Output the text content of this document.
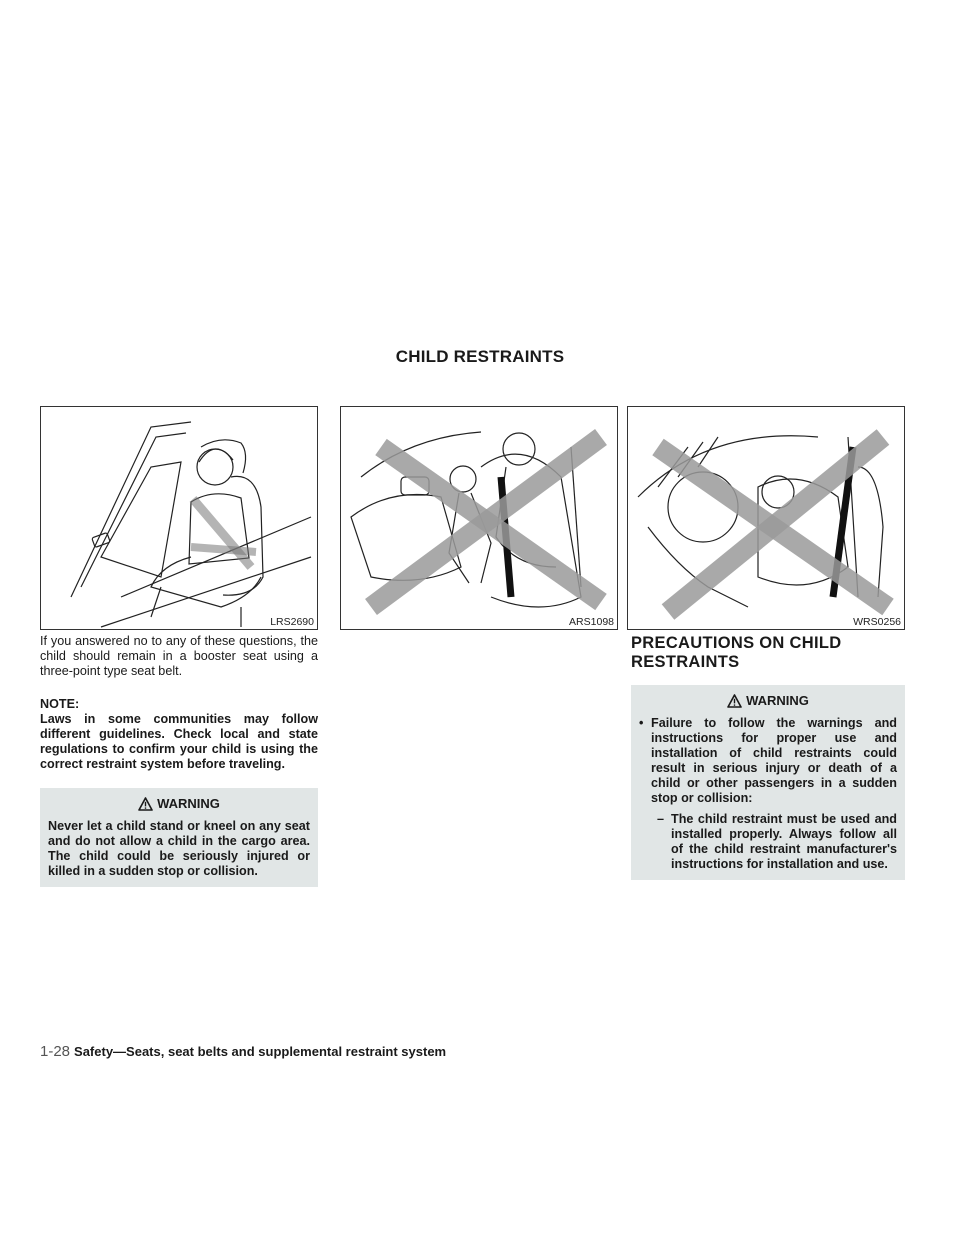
CHILD RESTRAINTS
LRS2690	ARS1098	WRS0256

If you answered no to any of these questions, the child should remain in a booster seat using a three-point type seat belt.

NOTE:

Laws in some communities may follow different guidelines. Check local and state regulations to confirm your child is using the correct restraint system before traveling.

WARNING

Never let a child stand or kneel on any seat and do not allow a child in the cargo area. The child could be seriously injured or killed in a sudden stop or collision.

PRECAUTIONS ON CHILD RESTRAINTS
WARNING
• Failure to follow the warnings and instructions for proper use and installation of child restraints could result in serious injury or death of a child or other passengers in a sudden stop or collision:
– The child restraint must be used and installed properly. Always follow all of the child restraint manufacturer's instructions for installation and use.
1-28 Safety—Seats, seat belts and supplemental restraint system
